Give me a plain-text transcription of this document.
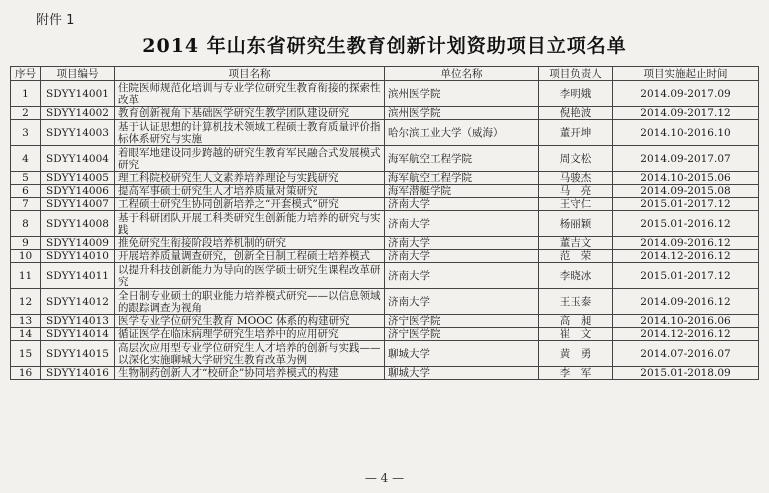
附件 1
2014 年山东省研究生教育创新计划资助项目立项名单
序号	项目编号	项目名称	单位名称	项目负责人	项目实施起止时间
1	SDYY14001	住院医师规范化培训与专业学位研究生教育衔接的探索性改革	滨州医学院	李明娥	2014.09-2017.09
2	SDYY14002	教育创新视角下基础医学研究生教学团队建设研究	滨州医学院	倪艳波	2014.09-2017.12
3	SDYY14003	基于认证思想的计算机技术领域工程硕士教育质量评价指标体系研究与实施	哈尔滨工业大学（威海）	董开坤	2014.10-2016.10
4	SDYY14004	着眼军地建设同步跨越的研究生教育军民融合式发展模式研究	海军航空工程学院	周文松	2014.09-2017.07
5	SDYY14005	理工科院校研究生人文素养培养理论与实践研究	海军航空工程学院	马骏杰	2014.10-2015.06
6	SDYY14006	提高军事硕士研究生人才培养质量对策研究	海军潜艇学院	马　亮	2014.09-2015.08
7	SDYY14007	工程硕士研究生协同创新培养之“开套模式”研究	济南大学	王守仁	2015.01-2017.12
8	SDYY14008	基于科研团队开展工科类研究生创新能力培养的研究与实践	济南大学	杨丽颖	2015.01-2016.12
9	SDYY14009	推免研究生衔接阶段培养机制的研究	济南大学	董吉文	2014.09-2016.12
10	SDYY14010	开展培养质量调查研究，创新全日制工程硕士培养模式	济南大学	范　荣	2014.12-2016.12
11	SDYY14011	以提升科技创新能力为导向的医学硕士研究生课程改革研究	济南大学	李晓冰	2015.01-2017.12
12	SDYY14012	全日制专业硕士的职业能力培养模式研究——以信息领域的跟踪调查为视角	济南大学	王玉泰	2014.09-2016.12
13	SDYY14013	医学专业学位研究生教育 MOOC 体系的构建研究	济宁医学院	高　昶	2014.10-2016.06
14	SDYY14014	循证医学在临床病理学研究生培养中的应用研究	济宁医学院	崔　文	2014.12-2016.12
15	SDYY14015	高层次应用型专业学位研究生人才培养的创新与实践——以深化实施聊城大学研究生教育改革为例	聊城大学	黄　勇	2014.07-2016.07
16	SDYY14016	生物制药创新人才“校研企”协同培养模式的构建	聊城大学	李　军	2015.01-2018.09
— 4 —
